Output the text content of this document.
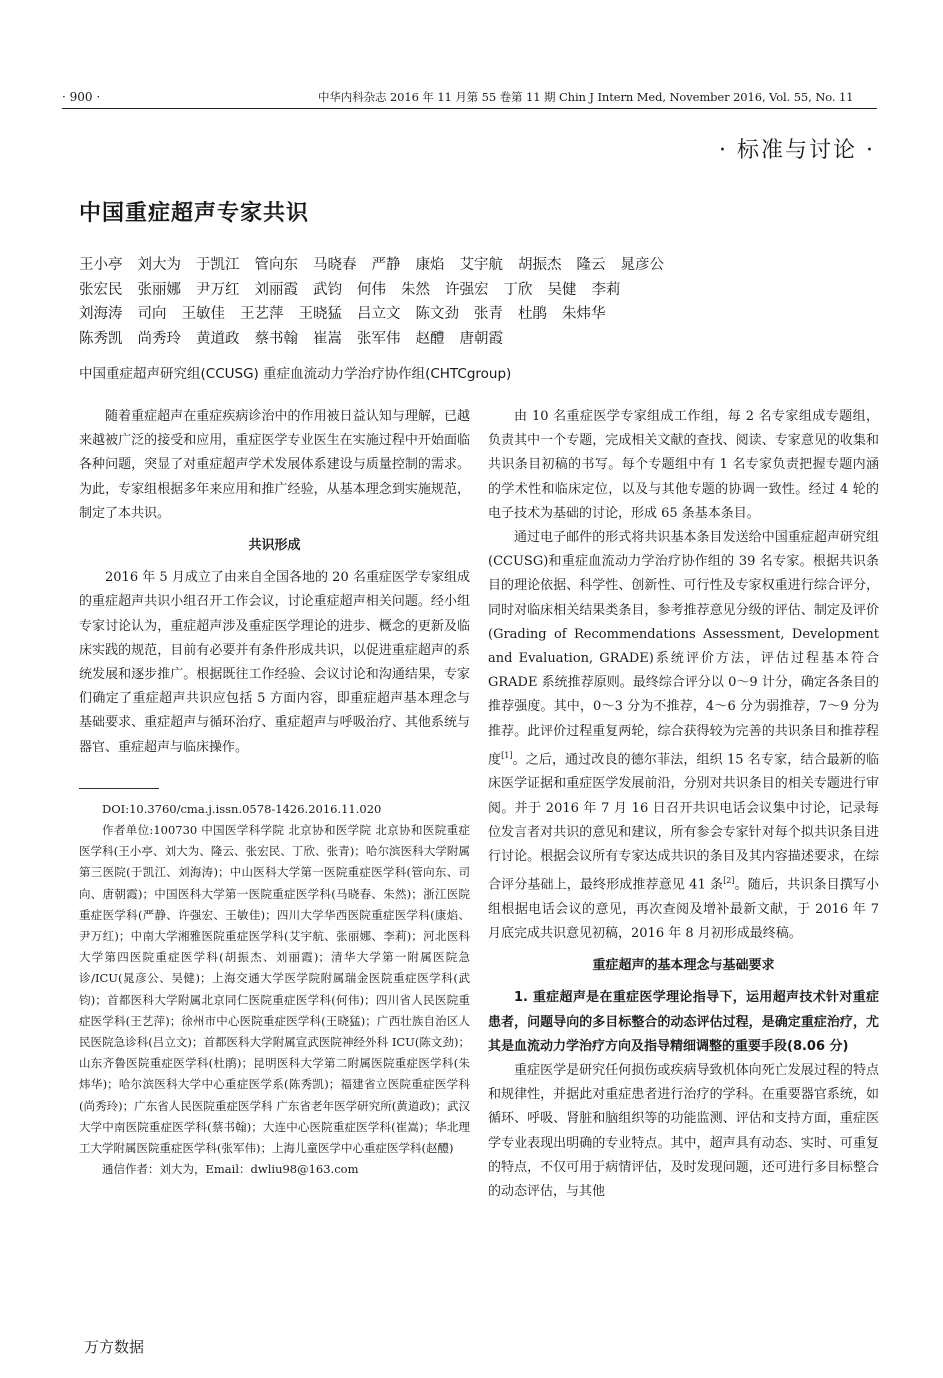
· 900 ·	中华内科杂志 2016 年 11 月第 55 卷第 11 期 Chin J Intern Med, November 2016, Vol. 55, No. 11
· 标准与讨论 ·
中国重症超声专家共识
王小亭 刘大为 于凯江 管向东 马晓春 严静 康焰 艾宇航 胡振杰 隆云 晁彦公
张宏民 张丽娜 尹万红 刘丽霞 武钧 何伟 朱然 许强宏 丁欣 吴健 李莉
刘海涛 司向 王敏佳 王艺萍 王晓猛 吕立文 陈文劲 张青 杜鹃 朱炜华
陈秀凯 尚秀玲 黄道政 蔡书翰 崔嵩 张军伟 赵醴 唐朝霞
中国重症超声研究组(CCUSG) 重症血流动力学治疗协作组(CHTCgroup)

随着重症超声在重症疾病诊治中的作用被日益认知与理解，已越来越被广泛的接受和应用，重症医学专业医生在实施过程中开始面临各种问题，突显了对重症超声学术发展体系建设与质量控制的需求。为此，专家组根据多年来应用和推广经验，从基本理念到实施规范，制定了本共识。

共识形成

2016 年 5 月成立了由来自全国各地的 20 名重症医学专家组成的重症超声共识小组召开工作会议，讨论重症超声相关问题。经小组专家讨论认为，重症超声涉及重症医学理论的进步、概念的更新及临床实践的规范，目前有必要并有条件形成共识，以促进重症超声的系统发展和逐步推广。根据既往工作经验、会议讨论和沟通结果，专家们确定了重症超声共识应包括 5 方面内容，即重症超声基本理念与基础要求、重症超声与循环治疗、重症超声与呼吸治疗、其他系统与器官、重症超声与临床操作。

DOI:10.3760/cma.j.issn.0578-1426.2016.11.020

作者单位:100730 中国医学科学院 北京协和医学院 北京协和医院重症医学科(王小亭、刘大为、隆云、张宏民、丁欣、张青)；哈尔滨医科大学附属第三医院(于凯江、刘海涛)；中山医科大学第一医院重症医学科(管向东、司向、唐朝霞)；中国医科大学第一医院重症医学科(马晓春、朱然)；浙江医院重症医学科(严静、许强宏、王敏佳)；四川大学华西医院重症医学科(康焰、尹万红)；中南大学湘雅医院重症医学科(艾宇航、张丽娜、李莉)；河北医科大学第四医院重症医学科(胡振杰、刘丽霞)；清华大学第一附属医院急诊/ICU(晁彦公、吴健)；上海交通大学医学院附属瑞金医院重症医学科(武钧)；首都医科大学附属北京同仁医院重症医学科(何伟)；四川省人民医院重症医学科(王艺萍)；徐州市中心医院重症医学科(王晓猛)；广西壮族自治区人民医院急诊科(吕立文)；首都医科大学附属宣武医院神经外科 ICU(陈文劲)；山东齐鲁医院重症医学科(杜鹃)；昆明医科大学第二附属医院重症医学科(朱炜华)；哈尔滨医科大学中心重症医学系(陈秀凯)；福建省立医院重症医学科(尚秀玲)；广东省人民医院重症医学科 广东省老年医学研究所(黄道政)；武汉大学中南医院重症医学科(蔡书翰)；大连中心医院重症医学科(崔嵩)；华北理工大学附属医院重症医学科(张军伟)；上海儿童医学中心重症医学科(赵醴)

通信作者：刘大为，Email：dwliu98@163.com

由 10 名重症医学专家组成工作组，每 2 名专家组成专题组，负责其中一个专题，完成相关文献的查找、阅读、专家意见的收集和共识条目初稿的书写。每个专题组中有 1 名专家负责把握专题内涵的学术性和临床定位，以及与其他专题的协调一致性。经过 4 轮的电子技术为基础的讨论，形成 65 条基本条目。

通过电子邮件的形式将共识基本条目发送给中国重症超声研究组(CCUSG)和重症血流动力学治疗协作组的 39 名专家。根据共识条目的理论依据、科学性、创新性、可行性及专家权重进行综合评分，同时对临床相关结果类条目，参考推荐意见分级的评估、制定及评价(Grading of Recommendations Assessment, Development and Evaluation, GRADE)系统评价方法，评估过程基本符合 GRADE 系统推荐原则。最终综合评分以 0～9 计分，确定各条目的推荐强度。其中，0～3 分为不推荐，4～6 分为弱推荐，7～9 分为推荐。此评价过程重复两轮，综合获得较为完善的共识条目和推荐程度[1]。之后，通过改良的德尔菲法，组织 15 名专家，结合最新的临床医学证据和重症医学发展前沿，分别对共识条目的相关专题进行审阅。并于 2016 年 7 月 16 日召开共识电话会议集中讨论，记录每位发言者对共识的意见和建议，所有参会专家针对每个拟共识条目进行讨论。根据会议所有专家达成共识的条目及其内容描述要求，在综合评分基础上，最终形成推荐意见 41 条[2]。随后，共识条目撰写小组根据电话会议的意见，再次查阅及增补最新文献，于 2016 年 7 月底完成共识意见初稿，2016 年 8 月初形成最终稿。

重症超声的基本理念与基础要求

1. 重症超声是在重症医学理论指导下，运用超声技术针对重症患者，问题导向的多目标整合的动态评估过程，是确定重症治疗，尤其是血流动力学治疗方向及指导精细调整的重要手段(8.06 分)

重症医学是研究任何损伤或疾病导致机体向死亡发展过程的特点和规律性，并据此对重症患者进行治疗的学科。在重要器官系统，如循环、呼吸、肾脏和脑组织等的功能监测、评估和支持方面，重症医学专业表现出明确的专业特点。其中，超声具有动态、实时、可重复的特点，不仅可用于病情评估，及时发现问题，还可进行多目标整合的动态评估，与其他

万方数据
